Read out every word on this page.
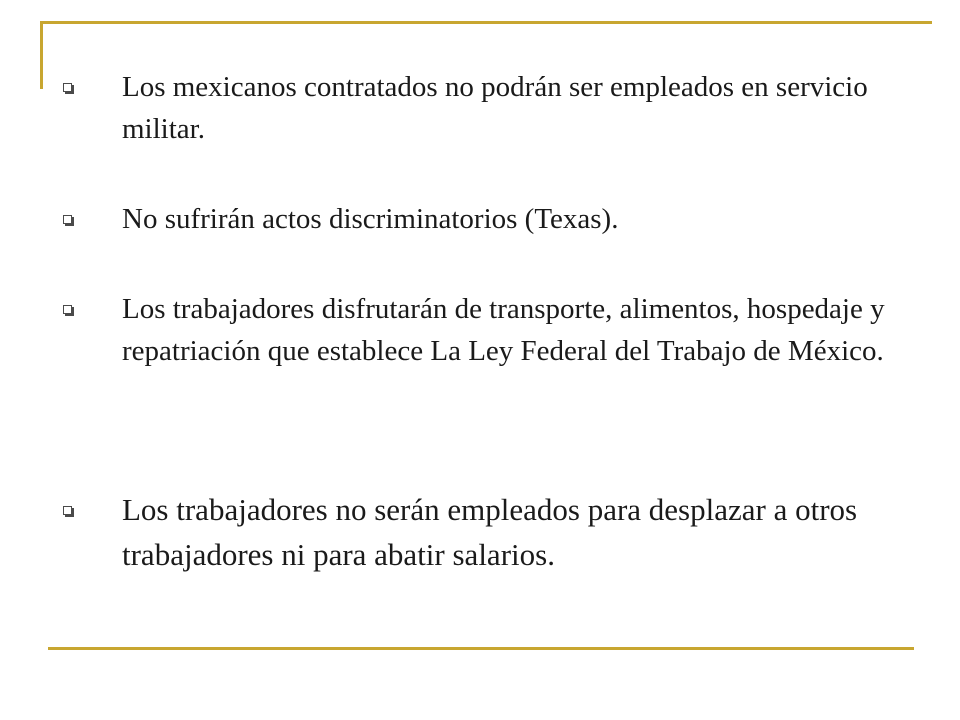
Los mexicanos contratados no podrán ser empleados en servicio militar.

No sufrirán actos discriminatorios (Texas).

Los trabajadores disfrutarán de transporte, alimentos, hospedaje y repatriación que establece La Ley Federal del Trabajo de México.

Los trabajadores no serán empleados para desplazar a otros trabajadores ni para abatir salarios.
